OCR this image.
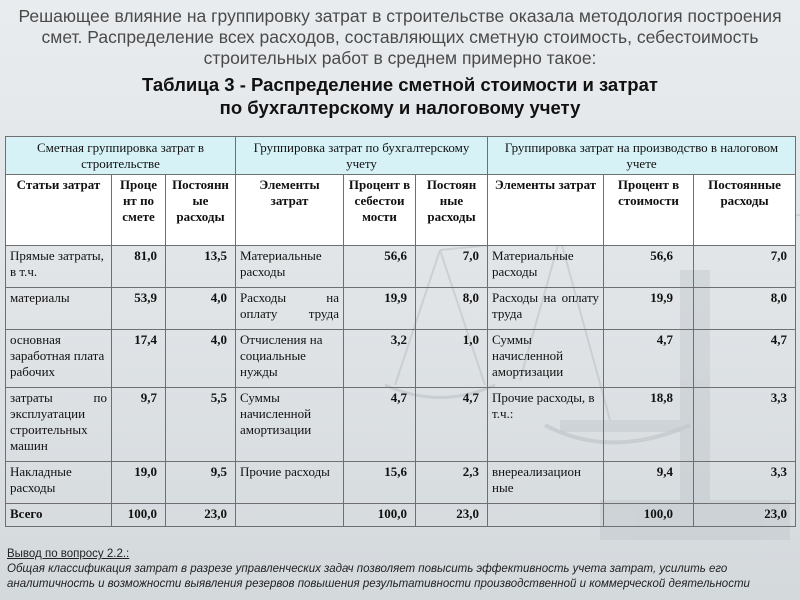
Решающее влияние на группировку затрат в строительстве оказала методология построения смет. Распределение всех расходов, составляющих сметную стоимость, себестоимость строительных работ в среднем примерно такое:
Таблица 3 - Распределение сметной стоимости и затрат
по бухгалтерскому и налоговому учету
Сметная группировка затрат в строительстве			Группировка затрат по бухгалтерскому учету			Группировка затрат на производство в налоговом учете		
Статьи затрат	Проце нт по смете	Постоянн ые расходы	Элементы затрат	Процент в себестои мости	Постоян ные расходы	Элементы затрат	Процент в стоимости	Постоянные расходы
Прямые затраты, в т.ч.	81,0	13,5	Материальные расходы	56,6	7,0	Материальные расходы	56,6	7,0
материалы	53,9	4,0	Расходы на оплату труда	19,9	8,0	Расходы на оплату труда	19,9	8,0
основная заработная плата рабочих	17,4	4,0	Отчисления на социальные нужды	3,2	1,0	Суммы начисленной амортизации	4,7	4,7
затраты по эксплуатации строительных машин	9,7	5,5	Суммы начисленной амортизации	4,7	4,7	Прочие расходы, в т.ч.:	18,8	3,3
Накладные расходы	19,0	9,5	Прочие расходы	15,6	2,3	внереализацион ные	9,4	3,3
Всего	100,0	23,0		100,0	23,0		100,0	23,0
Вывод по вопросу 2.2.:
Общая классификация затрат в разрезе управленческих задач позволяет повысить эффективность учета затрат, усилить его аналитичность и возможности выявления резервов повышения результативности производственной и коммерческой деятельности
